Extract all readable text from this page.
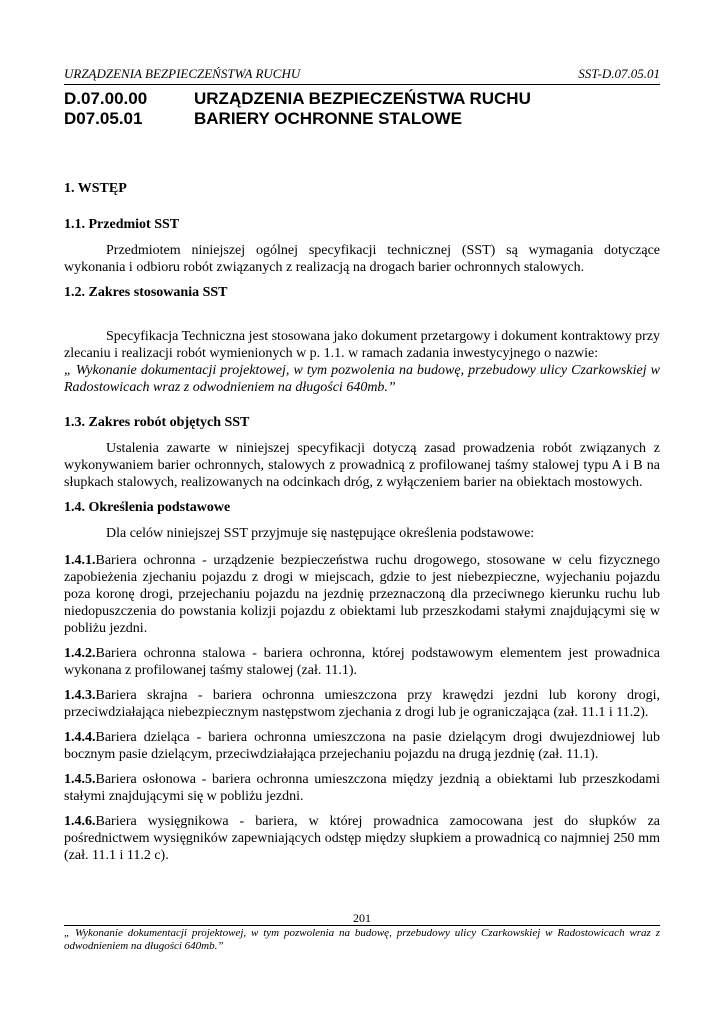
URZĄDZENIA BEZPIECZEŃSTWA RUCHU	SST-D.07.05.01
D.07.00.00	URZĄDZENIA BEZPIECZEŃSTWA RUCHU
D07.05.01	BARIERY OCHRONNE STALOWE

1. WSTĘP

1.1. Przedmiot SST

Przedmiotem niniejszej ogólnej specyfikacji technicznej (SST) są wymagania dotyczące wykonania i odbioru robót związanych z realizacją na drogach barier ochronnych stalowych.

1.2. Zakres stosowania SST

Specyfikacja Techniczna jest stosowana jako dokument przetargowy i dokument kontraktowy przy zlecaniu i realizacji robót wymienionych w p. 1.1. w ramach zadania inwestycyjnego o nazwie:

„ Wykonanie dokumentacji projektowej, w tym pozwolenia na budowę, przebudowy ulicy Czarkowskiej w Radostowicach wraz z odwodnieniem na długości 640mb.”

1.3. Zakres robót objętych SST

Ustalenia zawarte w niniejszej specyfikacji dotyczą zasad prowadzenia robót związanych z wykonywaniem barier ochronnych, stalowych z prowadnicą z profilowanej taśmy stalowej typu A i B na słupkach stalowych, realizowanych na odcinkach dróg, z wyłączeniem barier na obiektach mostowych.

1.4. Określenia podstawowe

Dla celów niniejszej SST przyjmuje się następujące określenia podstawowe:

1.4.1.Bariera ochronna - urządzenie bezpieczeństwa ruchu drogowego, stosowane w celu fizycznego zapobieżenia zjechaniu pojazdu z drogi w miejscach, gdzie to jest niebezpieczne, wyjechaniu pojazdu poza koronę drogi, przejechaniu pojazdu na jezdnię przeznaczoną dla przeciwnego kierunku ruchu lub niedopuszczenia do powstania kolizji pojazdu z obiektami lub przeszkodami stałymi znajdującymi się w pobliżu jezdni.

1.4.2.Bariera ochronna stalowa - bariera ochronna, której podstawowym elementem jest prowadnica wykonana z profilowanej taśmy stalowej (zał. 11.1).

1.4.3.Bariera skrajna - bariera ochronna umieszczona przy krawędzi jezdni lub korony drogi, przeciwdziałająca niebezpiecznym następstwom zjechania z drogi lub je ograniczająca (zał. 11.1 i 11.2).

1.4.4.Bariera dzieląca - bariera ochronna umieszczona na pasie dzielącym drogi dwujezdniowej lub bocznym pasie dzielącym, przeciwdziałająca przejechaniu pojazdu na drugą jezdnię (zał. 11.1).

1.4.5.Bariera osłonowa - bariera ochronna umieszczona między jezdnią a obiektami lub przeszkodami stałymi znajdującymi się w pobliżu jezdni.

1.4.6.Bariera wysięgnikowa - bariera, w której prowadnica zamocowana jest do słupków za pośrednictwem wysięgników zapewniających odstęp między słupkiem a prowadnicą co najmniej 250 mm (zał. 11.1 i 11.2 c).

201
„ Wykonanie dokumentacji projektowej, w tym pozwolenia na budowę, przebudowy ulicy Czarkowskiej w Radostowicach wraz z odwodnieniem na długości 640mb.”
